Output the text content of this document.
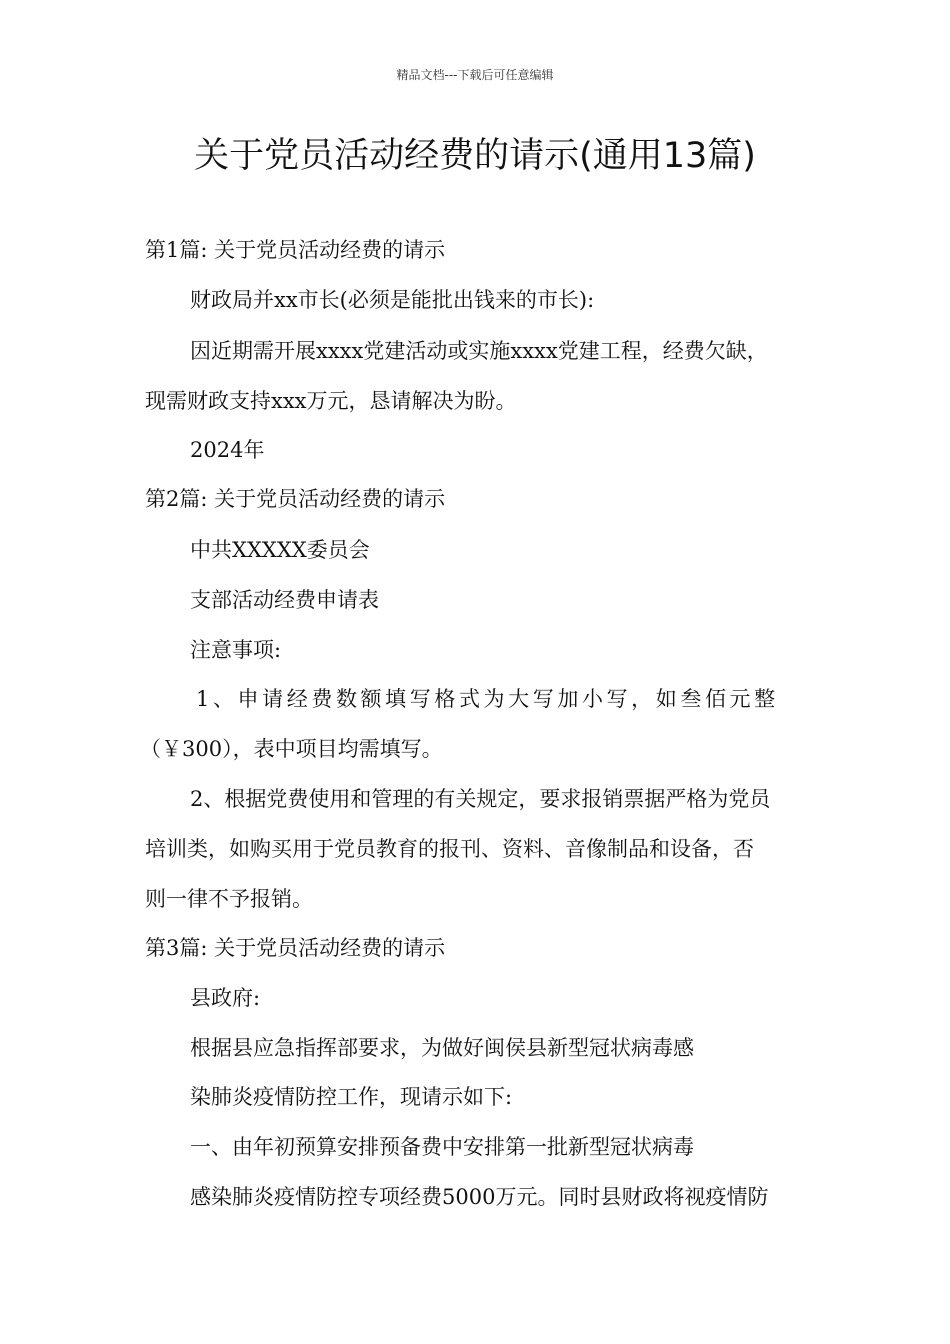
精品文档---下载后可任意编辑
关于党员活动经费的请示(通用13篇)
第1篇: 关于党员活动经费的请示
财政局并xx市长(必须是能批出钱来的市长):
因近期需开展xxxx党建活动或实施xxxx党建工程，经费欠缺，
现需财政支持xxx万元，恳请解决为盼。
2024年
第2篇: 关于党员活动经费的请示
中共XXXXX委员会
支部活动经费申请表
注意事项:
1、申请经费数额填写格式为大写加小写，如叁佰元整
（￥300），表中项目均需填写。
2、根据党费使用和管理的有关规定，要求报销票据严格为党员
培训类，如购买用于党员教育的报刊、资料、音像制品和设备，否
则一律不予报销。
第3篇: 关于党员活动经费的请示
县政府:
根据县应急指挥部要求，为做好闽侯县新型冠状病毒感
染肺炎疫情防控工作，现请示如下:
一、由年初预算安排预备费中安排第一批新型冠状病毒
感染肺炎疫情防控专项经费5000万元。同时县财政将视疫情防
